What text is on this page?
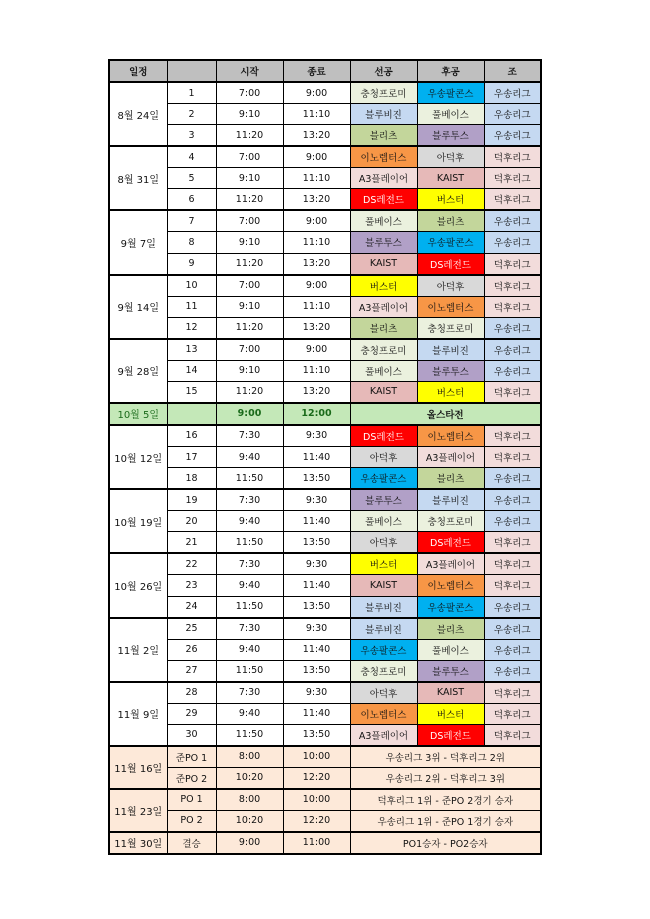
일정		시작	종료	선공	후공	조
8월 24일	1	7:00	9:00	충청프로미	우송팔콘스	우송리그
	2	9:10	11:10	블루비진	풀베이스	우송리그
	3	11:20	13:20	블리츠	블루투스	우송리그
8월 31일	4	7:00	9:00	이노렙터스	아덕후	덕후리그
	5	9:10	11:10	A3플레이어	KAIST	덕후리그
	6	11:20	13:20	DS레전드	버스터	덕후리그
9월 7일	7	7:00	9:00	풀베이스	블리츠	우송리그
	8	9:10	11:10	블루투스	우송팔콘스	우송리그
	9	11:20	13:20	KAIST	DS레전드	덕후리그
9월 14일	10	7:00	9:00	버스터	아덕후	덕후리그
	11	9:10	11:10	A3플레이어	이노렙터스	덕후리그
	12	11:20	13:20	블리츠	충청프로미	우송리그
9월 28일	13	7:00	9:00	충청프로미	블루비진	우송리그
	14	9:10	11:10	풀베이스	블루투스	우송리그
	15	11:20	13:20	KAIST	버스터	덕후리그
10월 5일		9:00	12:00	올스타전		
10월 12일	16	7:30	9:30	DS레전드	이노렙터스	덕후리그
	17	9:40	11:40	아덕후	A3플레이어	덕후리그
	18	11:50	13:50	우송팔콘스	블리츠	우송리그
10월 19일	19	7:30	9:30	블루투스	블루비진	우송리그
	20	9:40	11:40	풀베이스	충청프로미	우송리그
	21	11:50	13:50	아덕후	DS레전드	덕후리그
10월 26일	22	7:30	9:30	버스터	A3플레이어	덕후리그
	23	9:40	11:40	KAIST	이노렙터스	덕후리그
	24	11:50	13:50	블루비진	우송팔콘스	우송리그
11월 2일	25	7:30	9:30	블루비진	블리츠	우송리그
	26	9:40	11:40	우송팔콘스	풀베이스	우송리그
	27	11:50	13:50	충청프로미	블루투스	우송리그
11월 9일	28	7:30	9:30	아덕후	KAIST	덕후리그
	29	9:40	11:40	이노렙터스	버스터	덕후리그
	30	11:50	13:50	A3플레이어	DS레전드	덕후리그
11월 16일	준PO 1	8:00	10:00	우송리그 3위 - 덕후리그 2위		
	준PO 2	10:20	12:20	우송리그 2위 - 덕후리그 3위		
11월 23일	PO 1	8:00	10:00	덕후리그 1위 - 준PO 2경기 승자		
	PO 2	10:20	12:20	우송리그 1위 - 준PO 1경기 승자		
11월 30일	결승	9:00	11:00	PO1승자 - PO2승자		
